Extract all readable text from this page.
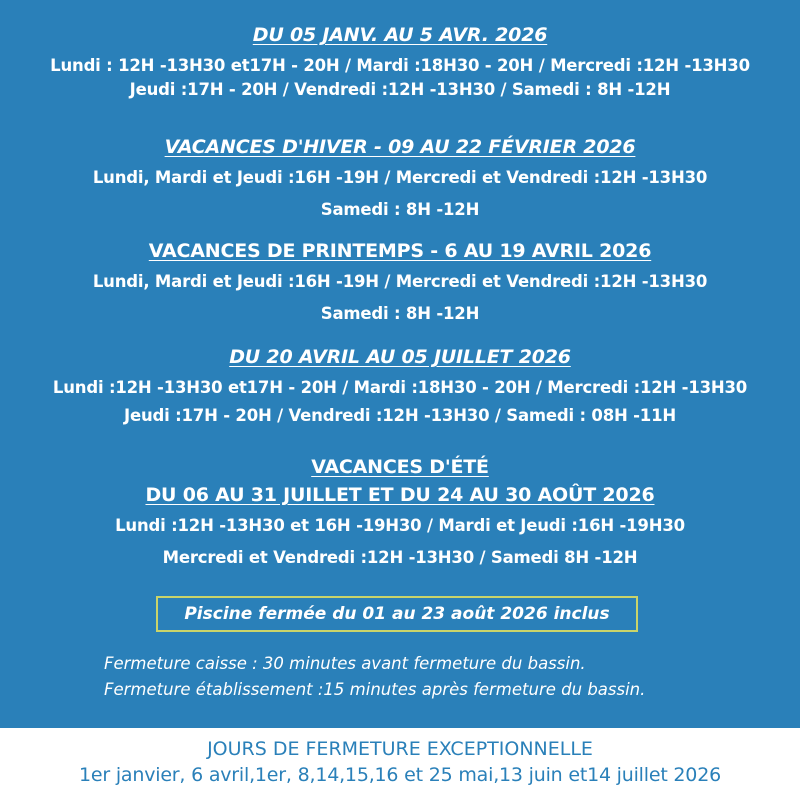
DU 05 JANV. AU 5 AVR. 2026
Lundi : 12H -13H30 et17H - 20H / Mardi :18H30 - 20H / Mercredi :12H -13H30
Jeudi :17H - 20H / Vendredi :12H -13H30 / Samedi : 8H -12H
VACANCES D'HIVER - 09 AU 22 FÉVRIER 2026
Lundi, Mardi et Jeudi :16H -19H / Mercredi et Vendredi :12H -13H30
Samedi : 8H -12H
VACANCES DE PRINTEMPS - 6 AU 19 AVRIL 2026
Lundi, Mardi et Jeudi :16H -19H / Mercredi et Vendredi :12H -13H30
Samedi : 8H -12H
DU 20 AVRIL AU 05 JUILLET 2026
Lundi :12H -13H30 et17H - 20H / Mardi :18H30 - 20H / Mercredi :12H -13H30
Jeudi :17H - 20H / Vendredi :12H -13H30 / Samedi : 08H -11H
VACANCES D'ÉTÉ
DU 06 AU 31 JUILLET ET DU 24 AU 30 AOÛT 2026
Lundi :12H -13H30 et 16H -19H30 / Mardi et Jeudi :16H -19H30
Mercredi et Vendredi :12H -13H30 / Samedi 8H -12H
Piscine fermée du 01 au 23 août 2026 inclus
Fermeture caisse : 30 minutes avant fermeture du bassin.
Fermeture établissement :15 minutes après fermeture du bassin.
JOURS DE FERMETURE EXCEPTIONNELLE
1er janvier, 6 avril,1er, 8,14,15,16 et 25 mai,13 juin et14 juillet 2026
